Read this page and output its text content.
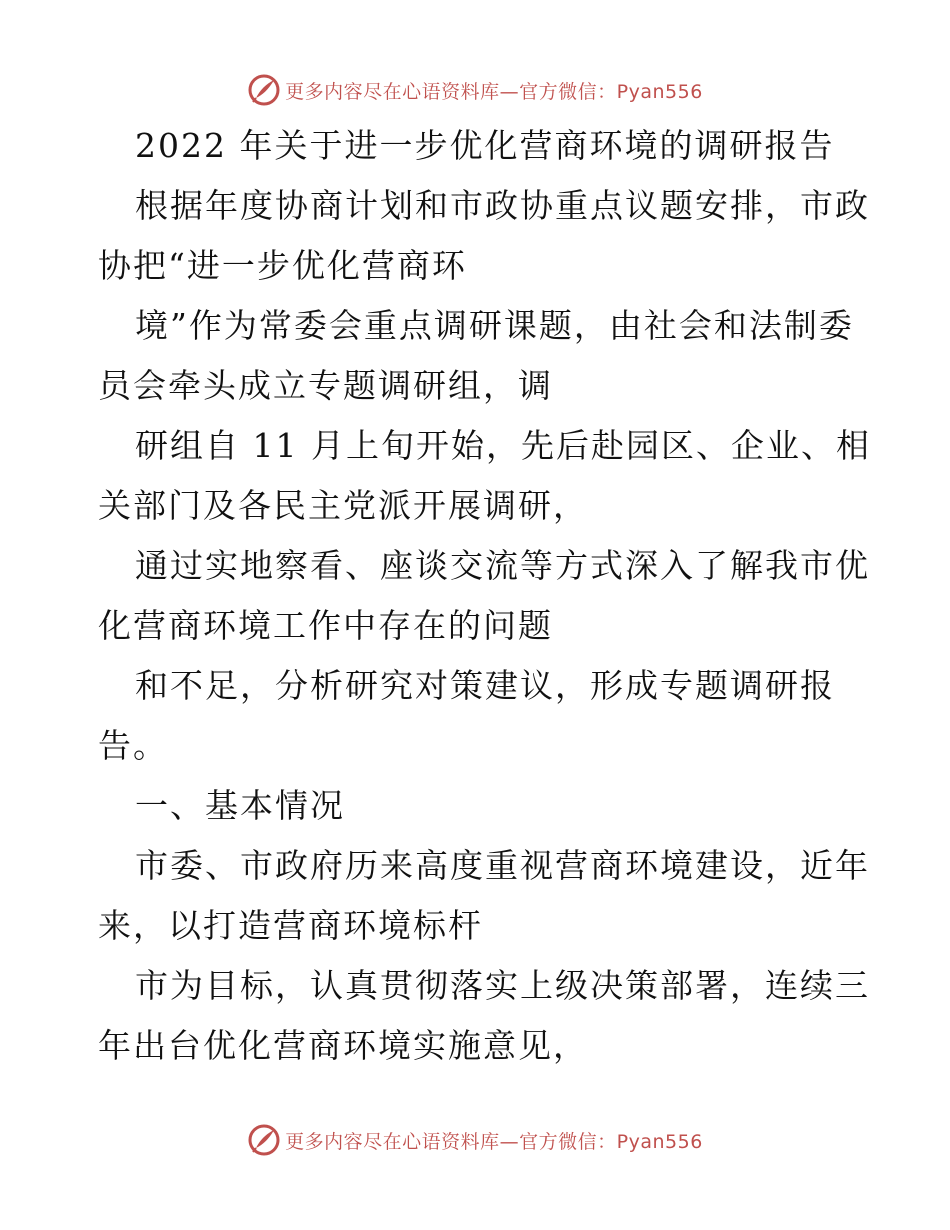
更多内容尽在心语资料库—官方微信：Pyan556
2022 年关于进一步优化营商环境的调研报告
根据年度协商计划和市政协重点议题安排，市政
协把“进一步优化营商环
境”作为常委会重点调研课题，由社会和法制委
员会牵头成立专题调研组，调
研组自 11 月上旬开始，先后赴园区、企业、相
关部门及各民主党派开展调研，
通过实地察看、座谈交流等方式深入了解我市优
化营商环境工作中存在的问题
和不足，分析研究对策建议，形成专题调研报
告。
一、基本情况
市委、市政府历来高度重视营商环境建设，近年
来，以打造营商环境标杆
市为目标，认真贯彻落实上级决策部署，连续三
年出台优化营商环境实施意见，
更多内容尽在心语资料库—官方微信：Pyan556
